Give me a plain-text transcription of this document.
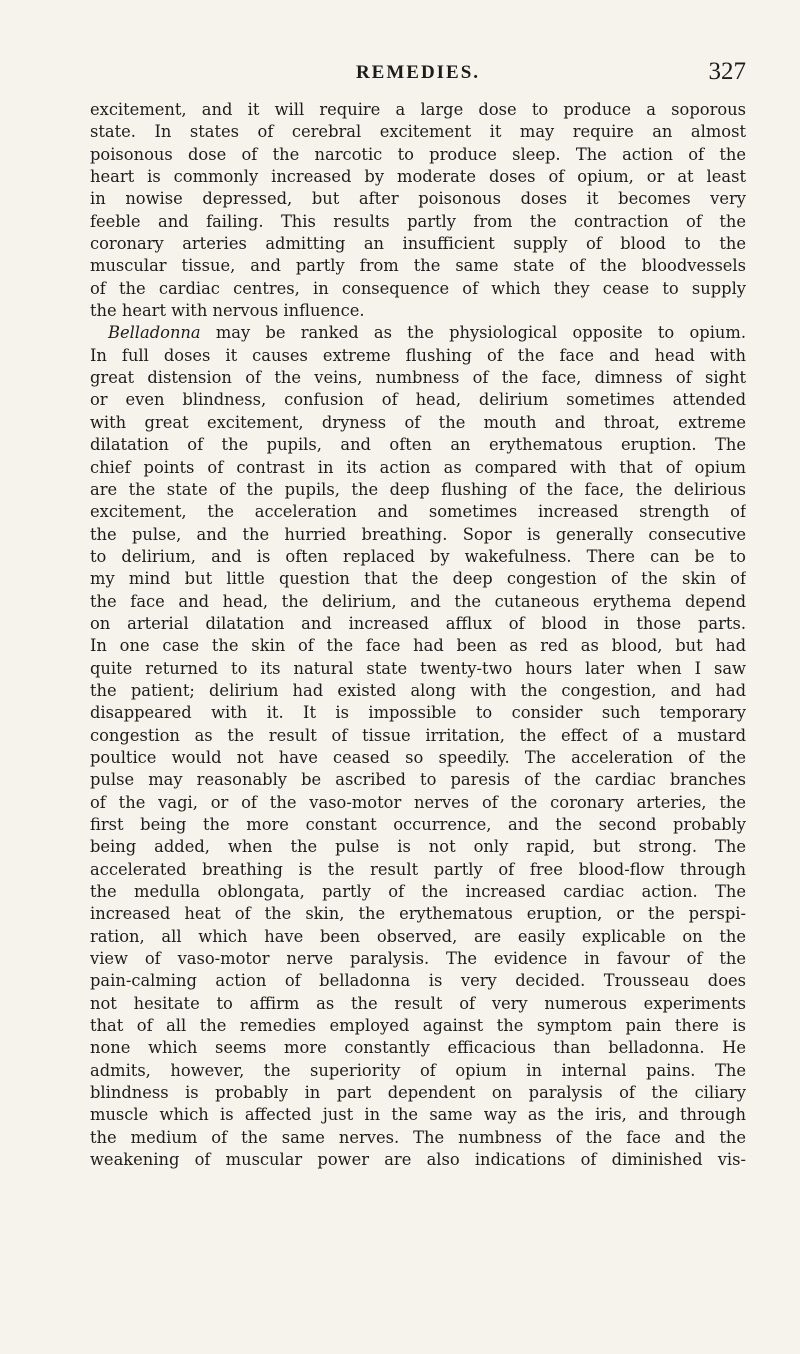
REMEDIES.	327
excitement, and it will require a large dose to produce a soporous
state. In states of cerebral excitement it may require an almost
poisonous dose of the narcotic to produce sleep. The action of the
heart is commonly increased by moderate doses of opium, or at least
in nowise depressed, but after poisonous doses it becomes very
feeble and failing. This results partly from the contraction of the
coronary arteries admitting an insufficient supply of blood to the
muscular tissue, and partly from the same state of the bloodvessels
of the cardiac centres, in consequence of which they cease to supply
the heart with nervous influence.
Belladonna may be ranked as the physiological opposite to opium.
In full doses it causes extreme flushing of the face and head with
great distension of the veins, numbness of the face, dimness of sight
or even blindness, confusion of head, delirium sometimes attended
with great excitement, dryness of the mouth and throat, extreme
dilatation of the pupils, and often an erythematous eruption. The
chief points of contrast in its action as compared with that of opium
are the state of the pupils, the deep flushing of the face, the delirious
excitement, the acceleration and sometimes increased strength of
the pulse, and the hurried breathing. Sopor is generally consecutive
to delirium, and is often replaced by wakefulness. There can be to
my mind but little question that the deep congestion of the skin of
the face and head, the delirium, and the cutaneous erythema depend
on arterial dilatation and increased afflux of blood in those parts.
In one case the skin of the face had been as red as blood, but had
quite returned to its natural state twenty-two hours later when I saw
the patient; delirium had existed along with the congestion, and had
disappeared with it. It is impossible to consider such temporary
congestion as the result of tissue irritation, the effect of a mustard
poultice would not have ceased so speedily. The acceleration of the
pulse may reasonably be ascribed to paresis of the cardiac branches
of the vagi, or of the vaso-motor nerves of the coronary arteries, the
first being the more constant occurrence, and the second probably
being added, when the pulse is not only rapid, but strong. The
accelerated breathing is the result partly of free blood-flow through
the medulla oblongata, partly of the increased cardiac action. The
increased heat of the skin, the erythematous eruption, or the perspi-
ration, all which have been observed, are easily explicable on the
view of vaso-motor nerve paralysis. The evidence in favour of the
pain-calming action of belladonna is very decided. Trousseau does
not hesitate to affirm as the result of very numerous experiments
that of all the remedies employed against the symptom pain there is
none which seems more constantly efficacious than belladonna. He
admits, however, the superiority of opium in internal pains. The
blindness is probably in part dependent on paralysis of the ciliary
muscle which is affected just in the same way as the iris, and through
the medium of the same nerves. The numbness of the face and the
weakening of muscular power are also indications of diminished vis-
